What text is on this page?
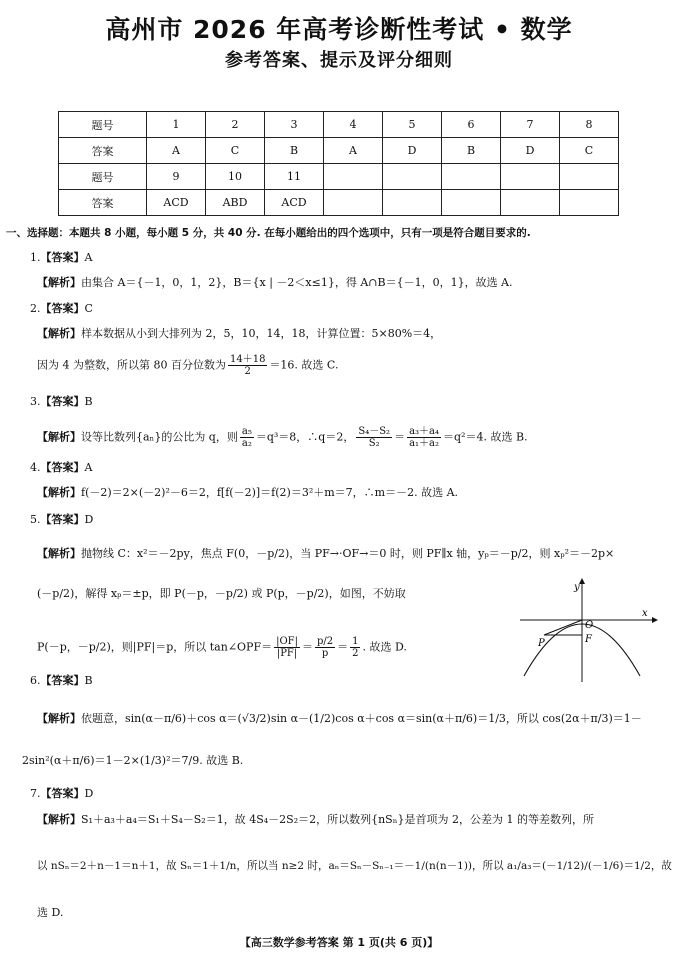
高州市 2026 年高考诊断性考试 • 数学
参考答案、提示及评分细则
题号	1	2	3	4	5	6	7	8
答案	A	C	B	A	D	B	D	C
题号	9	10	11					
答案	ACD	ABD	ACD					
一、选择题：本题共 8 小题，每小题 5 分，共 40 分. 在每小题给出的四个选项中，只有一项是符合题目要求的.
1.【答案】A
【解析】由集合 A＝{－1，0，1，2}，B＝{x | －2＜x≤1}，得 A∩B＝{－1，0，1}，故选 A.
2.【答案】C
【解析】样本数据从小到大排列为 2，5，10，14，18，计算位置：5×80%＝4，
因为 4 为整数，所以第 80 百分位数为 $\frac{14+18}{2} =16$. 故选 C.
3.【答案】B
【解析】设等比数列{aₙ}的公比为 q，则 $\frac{\text{a₅}}{\text{a₂}} =q^3=8$，∴q＝2， $\frac{\text{S₄－S₂}}{\text{S₂}} = \frac{\text{a₃＋a₄}}{\text{a₁＋a₂}} =q^2=4$. 故选 B.
4.【答案】A
【解析】f(－2)＝2×(－2)²－6＝2，f[f(－2)]＝f(2)＝3²＋m＝7，∴m＝－2. 故选 A.
5.【答案】D
【解析】抛物线 C：x²＝－2py，焦点 F(0，－p/2)，当 PF→·OF→＝0 时，则 PF∥x 轴，yₚ＝－p/2，则 xₚ²＝－2p×
(－p/2)，解得 xₚ＝±p，即 P(－p，－p/2) 或 P(p，－p/2)，如图，不妨取
P(－p，－p/2)，则|PF|＝p，所以 tan∠OPF＝ $\frac{|OF|}{|PF|} = \frac{p/2}{p} = \frac{1}{2}$ . 故选 D.
y
x
O
F
P
6.【答案】B
【解析】依题意，sin(α－π/6)＋cos α＝(√3/2)sin α－(1/2)cos α＋cos α＝sin(α＋π/6)＝1/3，所以 cos(2α＋π/3)＝1－
2sin²(α＋π/6)＝1－2×(1/3)²＝7/9. 故选 B.
7.【答案】D
【解析】S₁＋a₃＋a₄＝S₁＋S₄－S₂＝1，故 4S₄－2S₂＝2，所以数列{nSₙ}是首项为 2，公差为 1 的等差数列，所
以 nSₙ＝2＋n－1＝n＋1，故 Sₙ＝1＋1/n，所以当 n≥2 时，aₙ＝Sₙ－Sₙ₋₁＝－1/(n(n－1))，所以 a₁/a₃＝(－1/12)/(－1/6)＝1/2，故
选 D.
【高三数学参考答案 第 1 页(共 6 页)】
